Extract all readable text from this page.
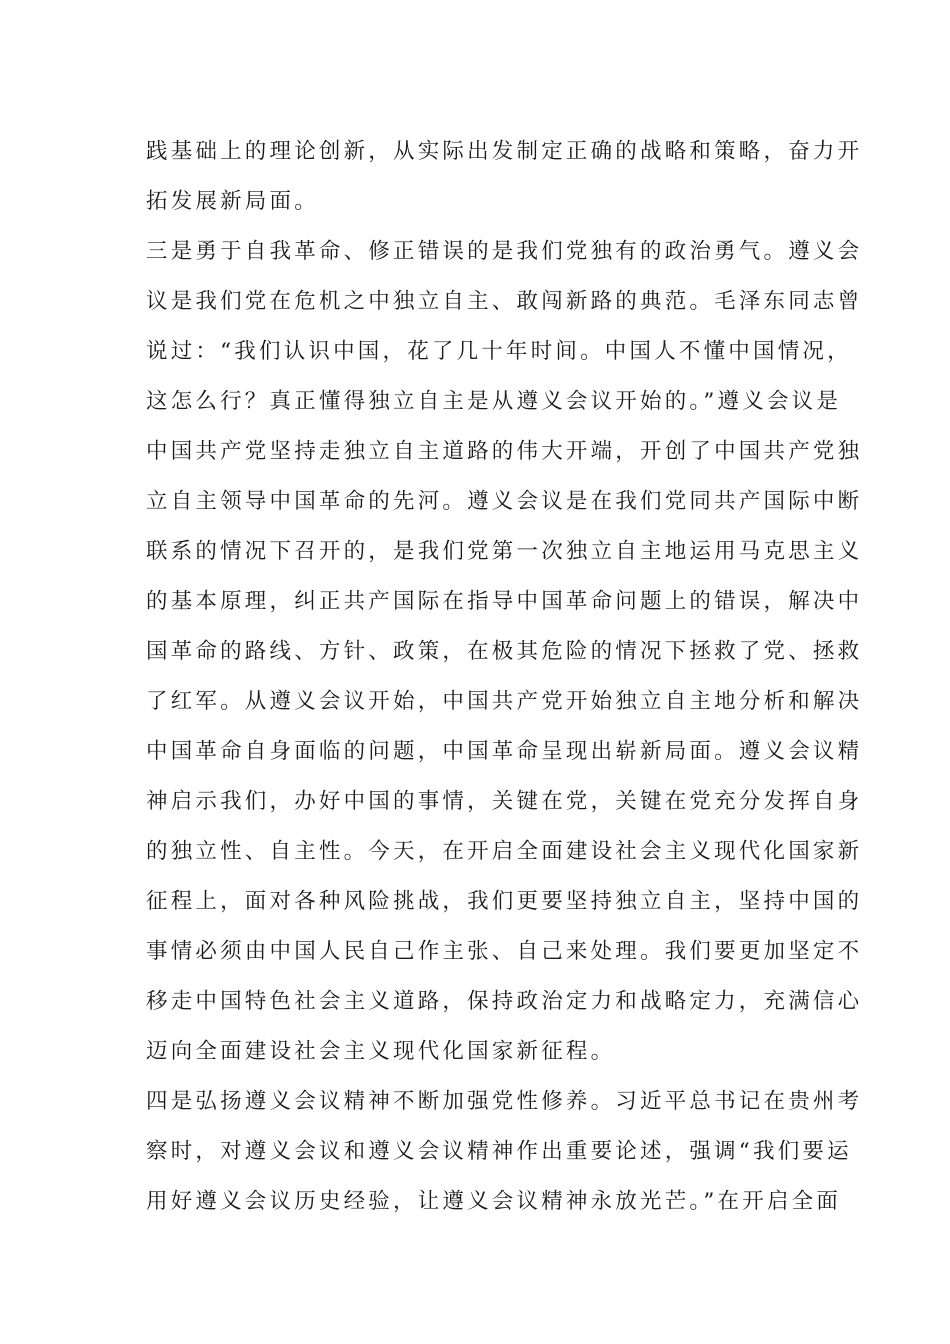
践基础上的理论创新，从实际出发制定正确的战略和策略，奋力开
拓发展新局面。
三是勇于自我革命、修正错误的是我们党独有的政治勇气。遵义会
议是我们党在危机之中独立自主、敢闯新路的典范。毛泽东同志曾
说过：“我们认识中国，花了几十年时间。中国人不懂中国情况，
这怎么行？真正懂得独立自主是从遵义会议开始的。”遵义会议是
中国共产党坚持走独立自主道路的伟大开端，开创了中国共产党独
立自主领导中国革命的先河。遵义会议是在我们党同共产国际中断
联系的情况下召开的，是我们党第一次独立自主地运用马克思主义
的基本原理，纠正共产国际在指导中国革命问题上的错误，解决中
国革命的路线、方针、政策，在极其危险的情况下拯救了党、拯救
了红军。从遵义会议开始，中国共产党开始独立自主地分析和解决
中国革命自身面临的问题，中国革命呈现出崭新局面。遵义会议精
神启示我们，办好中国的事情，关键在党，关键在党充分发挥自身
的独立性、自主性。今天，在开启全面建设社会主义现代化国家新
征程上，面对各种风险挑战，我们更要坚持独立自主，坚持中国的
事情必须由中国人民自己作主张、自己来处理。我们要更加坚定不
移走中国特色社会主义道路，保持政治定力和战略定力，充满信心
迈向全面建设社会主义现代化国家新征程。
四是弘扬遵义会议精神不断加强党性修养。习近平总书记在贵州考
察时，对遵义会议和遵义会议精神作出重要论述，强调“我们要运
用好遵义会议历史经验，让遵义会议精神永放光芒。”在开启全面
